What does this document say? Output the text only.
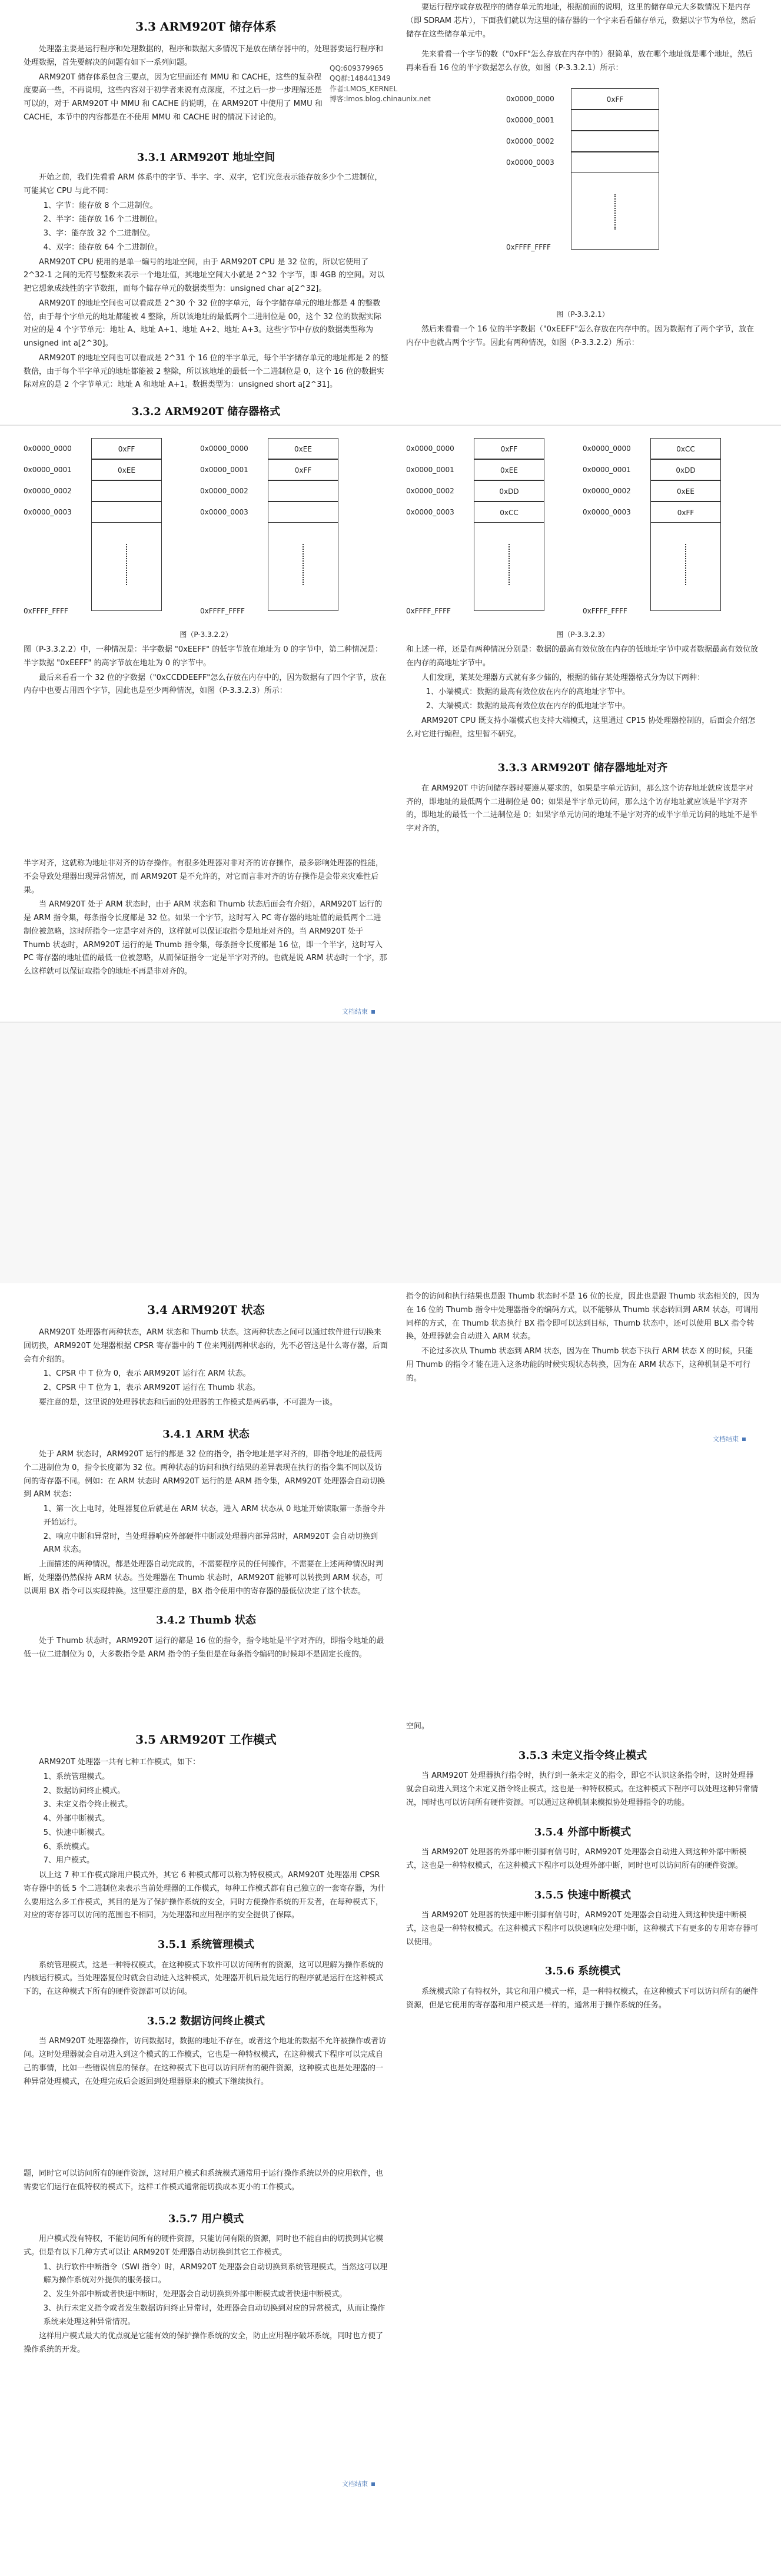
3.3 ARM920T 储存体系

处理器主要是运行程序和处理数据的，程序和数据大多情况下是放在储存器中的，处理器要运行程序和处理数据，首先要解决的问题有如下一系列问题。

ARM920T 储存体系包含三要点，因为它里面还有 MMU 和 CACHE，这些的复杂程度要高一些，不再说明，这些内容对于初学者来说有点深度，不过之后一步一步理解还是可以的，对于 ARM920T 中 MMU 和 CACHE 的说明，在 ARM920T 中使用了 MMU 和 CACHE，本节中的内容都是在不使用 MMU 和 CACHE 时的情况下讨论的。

3.3.1 ARM920T 地址空间

开始之前，我们先看看 ARM 体系中的字节、半字、字、双字，它们究竟表示能存放多少个二进制位，可能其它 CPU 与此不同：

1、字节：能存放 8 个二进制位。
2、半字：能存放 16 个二进制位。
3、字：能存放 32 个二进制位。
4、双字：能存放 64 个二进制位。

ARM920T CPU 使用的是单一编号的地址空间，由于 ARM920T CPU 是 32 位的，所以它使用了 2^32-1 之间的无符号整数来表示一个地址值，其地址空间大小就是 2^32 个字节，即 4GB 的空间。对以把它想象成线性的字节数组，而每个储存单元的数据类型为：unsigned char a[2^32]。

ARM920T 的地址空间也可以看成是 2^30 个 32 位的字单元，每个字储存单元的地址都是 4 的整数倍，由于每个字单元的地址都能被 4 整除，所以该地址的最低两个二进制位是 00，这个 32 位的数据实际对应的是 4 个字节单元：地址 A、地址 A+1、地址 A+2、地址 A+3。这些字节中存放的数据类型称为 unsigned int a[2^30]。

ARM920T 的地址空间也可以看成是 2^31 个 16 位的半字单元，每个半字储存单元的地址都是 2 的整数倍，由于每个半字单元的地址都能被 2 整除，所以该地址的最低一个二进制位是 0，这个 16 位的数据实际对应的是 2 个字节单元：地址 A 和地址 A+1。数据类型为：unsigned short a[2^31]。

3.3.2 ARM920T 储存器格式
QQ:609379965
QQ群:148441349
作者:LMOS_KERNEL
博客:lmos.blog.chinaunix.net

要运行程序或存放程序的储存单元的地址，根据前面的说明，这里的储存单元大多数情况下是内存（即 SDRAM 芯片），下面我们就以为这里的储存器的一个字来看看储存单元，数据以字节为单位，然后储存在这些储存单元中。

先来看看一个字节的数（"0xFF"怎么存放在内存中的）很简单，放在哪个地址就是哪个地址，然后再来看看 16 位的半字数据怎么存放，如图（P-3.3.2.1）所示：

0x0000_0000
0x0000_0001
0x0000_0002
0x0000_0003
0xFF
0xFFFF_FFFF
图（P-3.3.2.1）

然后来看看一个 16 位的半字数据（"0xEEFF"怎么存放在内存中的。因为数据有了两个字节，放在内存中也就占两个字节。因此有两种情况，如图（P-3.3.2.2）所示：

0x0000_0000
0x0000_0001
0x0000_0002
0x0000_0003
0xFF
0xEE
0xFFFF_FFFF
0x0000_0000
0x0000_0001
0x0000_0002
0x0000_0003
0xEE
0xFF
0xFFFF_FFFF
0x0000_0000
0x0000_0001
0x0000_0002
0x0000_0003
0xFF
0xEE
0xDD
0xCC
0xFFFF_FFFF
0x0000_0000
0x0000_0001
0x0000_0002
0x0000_0003
0xCC
0xDD
0xEE
0xFF
0xFFFF_FFFF
图（P-3.3.2.2）

图（P-3.3.2.2）中，一种情况是：半字数据 "0xEEFF" 的低字节放在地址为 0 的字节中，第二种情况是：半字数据 "0xEEFF" 的高字节放在地址为 0 的字节中。

最后来看看一个 32 位的字数据（"0xCCDDEEFF"怎么存放在内存中的，因为数据有了四个字节，放在内存中也要占用四个字节，因此也是至少两种情况，如图（P-3.3.2.3）所示：

图（P-3.3.2.3）

和上述一样，还是有两种情况分别是：数据的最高有效位放在内存的低地址字节中或者数据最高有效位放在内存的高地址字节中。

人们发现，某某处理器方式就有多少储的，根据的储存某处理器格式分为以下两种：

1、小端模式：数据的最高有效位放在内存的高地址字节中。
2、大端模式：数据的最高有效位放在内存的低地址字节中。

ARM920T CPU 既支持小端模式也支持大端模式，这里通过 CP15 协处理器控制的，后面会介绍怎么对它进行编程，这里暂不研究。

3.3.3 ARM920T 储存器地址对齐

在 ARM920T 中访问储存器时要遵从要求的，如果是字单元访问，那么这个访存地址就应该是字对齐的，即地址的最低两个二进制位是 00；如果是半字单元访问，那么这个访存地址就应该是半字对齐的，即地址的最低一个二进制位是 0；如果字单元访问的地址不是字对齐的或半字单元访问的地址不是半字对齐的，

半字对齐，这就称为地址非对齐的访存操作。有很多处理器对非对齐的访存操作，最多影响处理器的性能，不会导致处理器出现异常情况，而 ARM920T 是不允许的，对它而言非对齐的访存操作是会带来灾难性后果。

当 ARM920T 处于 ARM 状态时，由于 ARM 状态和 Thumb 状态后面会有介绍），ARM920T 运行的是 ARM 指令集，每条指令长度都是 32 位。如果一个字节，这时写入 PC 寄存器的地址值的最低两个二进制位被忽略，这时所指令一定是字对齐的，这样就可以保证取指令是地址对齐的。当 ARM920T 处于 Thumb 状态时，ARM920T 运行的是 Thumb 指令集，每条指令长度都是 16 位，即一个半字，这时写入 PC 寄存器的地址值的最低一位被忽略，从而保证指令一定是半字对齐的。也就是说 ARM 状态时一个字，那么这样就可以保证取指令的地址不再是非对齐的。

文档结束
3.4 ARM920T 状态

ARM920T 处理器有两种状态，ARM 状态和 Thumb 状态。这两种状态之间可以通过软件进行切换来回切换，ARM920T 处理器根据 CPSR 寄存器中的 T 位来判别两种状态的，先不必管这是什么寄存器，后面会有介绍的。

1、CPSR 中 T 位为 0，表示 ARM920T 运行在 ARM 状态。
2、CPSR 中 T 位为 1，表示 ARM920T 运行在 Thumb 状态。

要注意的是，这里说的处理器状态和后面的处理器的工作模式是两码事，不可混为一谈。

3.4.1 ARM 状态

处于 ARM 状态时，ARM920T 运行的都是 32 位的指令，指令地址是字对齐的，即指令地址的最低两个二进制位为 0，指令长度都为 32 位。两种状态的访问和执行结果的差异表现在执行的指令集不同以及访问的寄存器不同。例如：在 ARM 状态时 ARM920T 运行的是 ARM 指令集，ARM920T 处理器会自动切换到 ARM 状态：

1、第一次上电时，处理器复位后就是在 ARM 状态，进入 ARM 状态从 0 地址开始读取第一条指令并开始运行。
2、响应中断和异常时，当处理器响应外部硬件中断或处理器内部异常时，ARM920T 会自动切换到 ARM 状态。

上面描述的两种情况，都是处理器自动完成的，不需要程序员的任何操作，不需要在上述两种情况时判断，处理器仍然保持 ARM 状态。当处理器在 Thumb 状态时，ARM920T 能够可以转换到 ARM 状态，可以调用 BX 指令可以实现转换。这里要注意的是，BX 指令使用中的寄存器的最低位决定了这个状态。

3.4.2 Thumb 状态

处于 Thumb 状态时，ARM920T 运行的都是 16 位的指令，指令地址是半字对齐的，即指令地址的最低一位二进制位为 0，大多数指令是 ARM 指令的子集但是在每条指令编码的时候却不是固定长度的。

指令的访问和执行结果也是跟 Thumb 状态时不是 16 位的长度，因此也是跟 Thumb 状态相关的，因为在 16 位的 Thumb 指令中处理器指令的编码方式，以不能够从 Thumb 状态转回到 ARM 状态，可调用同样的方式，在 Thumb 状态执行 BX 指令即可以达到目标，Thumb 状态中，还可以使用 BLX 指令转换，处理器就会自动进入 ARM 状态。

不论过多次从 Thumb 状态到 ARM 状态，因为在 Thumb 状态下执行 ARM 状态 X 的时候，只能用 Thumb 的指令才能在进入这条功能的时候实现状态转换，因为在 ARM 状态下，这种机制是不可行的。

文档结束
3.5 ARM920T 工作模式

ARM920T 处理器一共有七种工作模式，如下：

1、系统管理模式。
2、数据访问终止模式。
3、未定义指令终止模式。
4、外部中断模式。
5、快速中断模式。
6、系统模式。
7、用户模式。

以上这 7 种工作模式除用户模式外，其它 6 种模式都可以称为特权模式。ARM920T 处理器用 CPSR 寄存器中的低 5 个二进制位来表示当前处理器的工作模式，每种工作模式都有自己独立的一套寄存器，为什么要用这么多工作模式，其目的是为了保护操作系统的安全，同时方便操作系统的开发者，在每种模式下，对应的寄存器可以访问的范围也不相同，为处理器和应用程序的安全提供了保障。

3.5.1 系统管理模式

系统管理模式，这是一种特权模式，在这种模式下软件可以访问所有的资源，这可以理解为操作系统的内核运行模式。当处理器复位时就会自动进入这种模式，处理器开机后最先运行的程序就是运行在这种模式下的，在这种模式下所有的硬件资源都可以访问。

3.5.2 数据访问终止模式

当 ARM920T 处理器操作，访问数据时，数据的地址不存在，或者这个地址的数据不允许被操作或者访问。这时处理器就会自动进入到这个模式的工作模式，它也是一种特权模式，在这种模式下程序可以完成自己的事情，比如一些错误信息的保存。在这种模式下也可以访问所有的硬件资源，这种模式也是处理器的一种异常处理模式，在处理完成后会返回到处理器原来的模式下继续执行。

空间。

3.5.3 未定义指令终止模式

当 ARM920T 处理器执行指令时，执行到一条未定义的指令，即它不认识这条指令时，这时处理器就会自动进入到这个未定义指令终止模式，这也是一种特权模式。在这种模式下程序可以处理这种异常情况，同时也可以访问所有硬件资源。可以通过这种机制来模拟协处理器指令的功能。

3.5.4 外部中断模式

当 ARM920T 处理器的外部中断引脚有信号时，ARM920T 处理器会自动进入到这种外部中断模式，这也是一种特权模式，在这种模式下程序可以处理外部中断，同时也可以访问所有的硬件资源。

3.5.5 快速中断模式

当 ARM920T 处理器的快速中断引脚有信号时，ARM920T 处理器会自动进入到这种快速中断模式，这也是一种特权模式。在这种模式下程序可以快速响应处理中断，这种模式下有更多的专用寄存器可以使用。

3.5.6 系统模式

系统模式除了有特权外，其它和用户模式一样，是一种特权模式，在这种模式下可以访问所有的硬件资源，但是它使用的寄存器和用户模式是一样的，通常用于操作系统的任务。

题，同时它可以访问所有的硬件资源，这时用户模式和系统模式通常用于运行操作系统以外的应用软件，也需要它们运行在低特权的模式下，这样工作模式通常能切换成本更小的工作模式。

3.5.7 用户模式

用户模式没有特权，不能访问所有的硬件资源，只能访问有限的资源，同时也不能自由的切换到其它模式。但是有以下几种方式可以让 ARM920T 处理器自动切换到其它工作模式。

1、执行软件中断指令（SWI 指令）时，ARM920T 处理器会自动切换到系统管理模式，当然这可以理解为操作系统对外提供的服务接口。
2、发生外部中断或者快速中断时，处理器会自动切换到外部中断模式或者快速中断模式。
3、执行未定义指令或者发生数据访问终止异常时，处理器会自动切换到对应的异常模式，从而让操作系统来处理这种异常情况。

这样用户模式最大的优点就是它能有效的保护操作系统的安全，防止应用程序破坏系统，同时也方便了操作系统的开发。

文档结束
